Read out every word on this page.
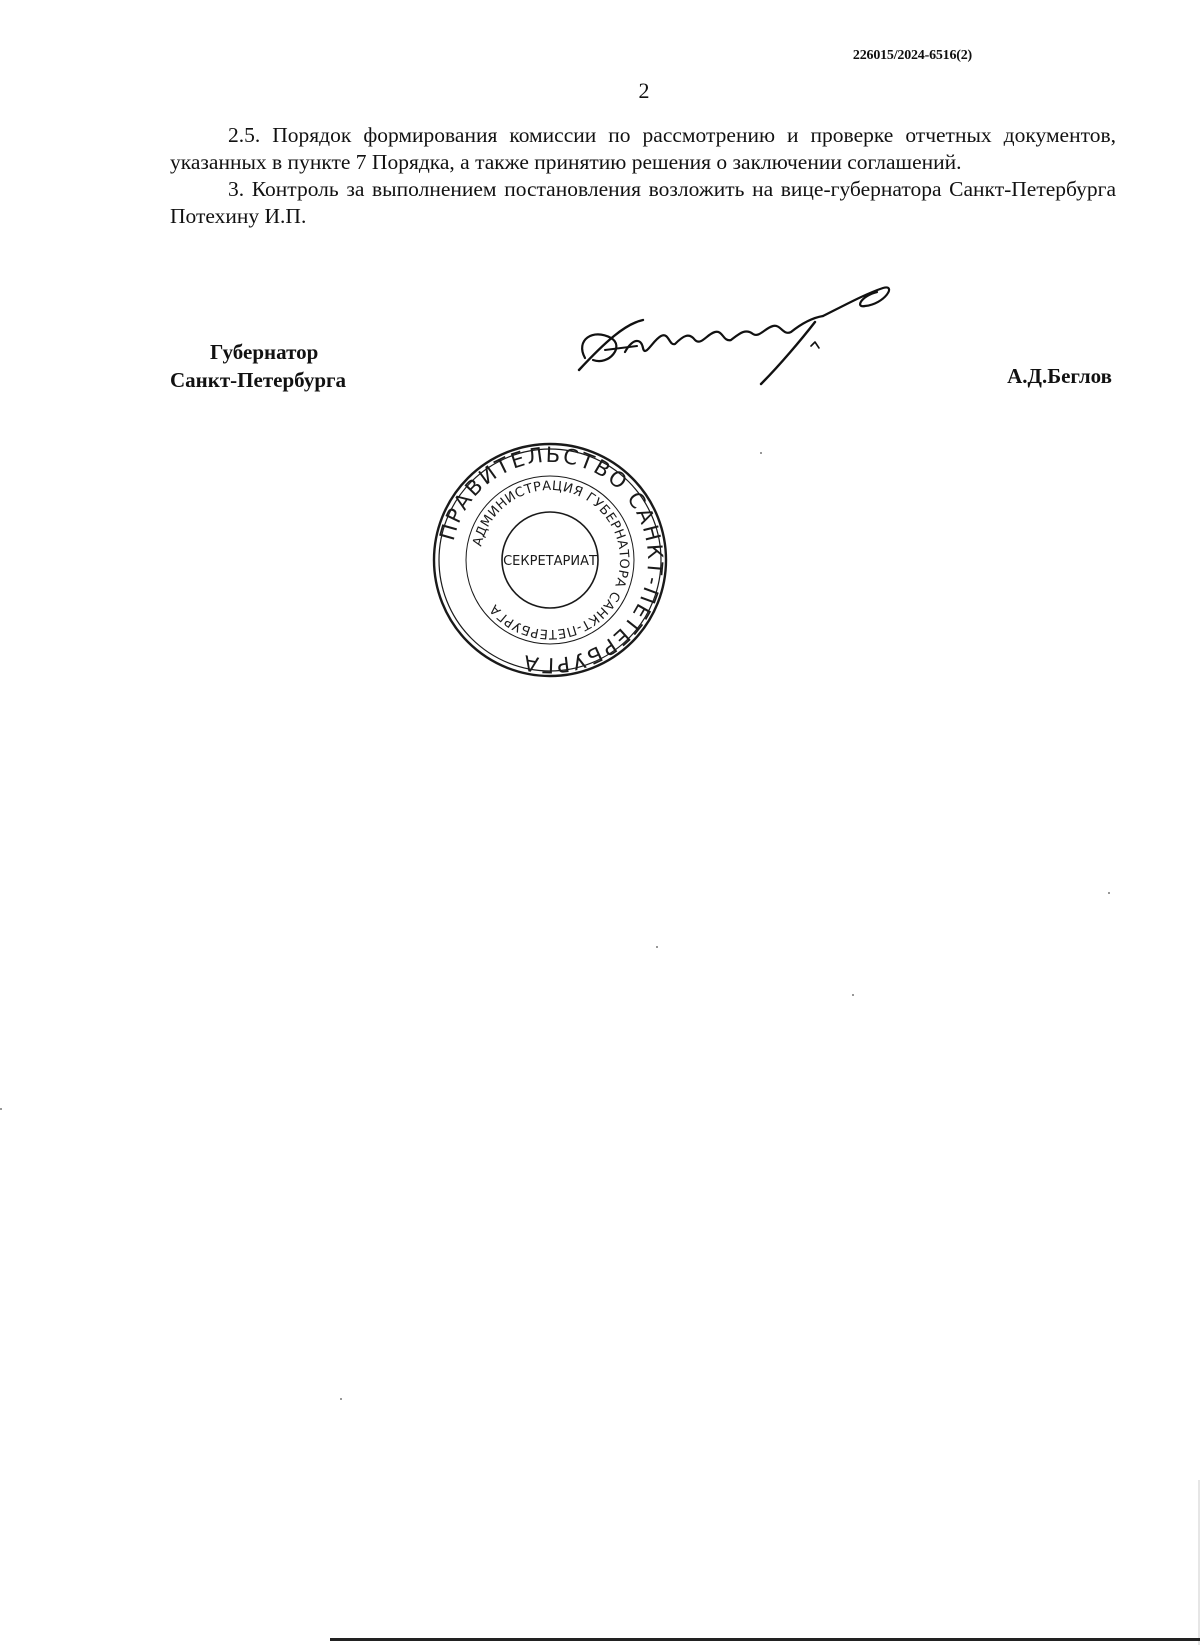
226015/2024-6516(2)
2

2.5. Порядок формирования комиссии по рассмотрению и проверке отчетных документов, указанных в пункте 7 Порядка, а также принятию решения о заключении соглашений.

3. Контроль за выполнением постановления возложить на вице-губернатора Санкт-Петербурга Потехину И.П.

Губернатор
Санкт-Петербурга	А.Д.Беглов
ПРАВИТЕЛЬСТВО САНКТ-ПЕТЕРБУРГА
АДМИНИСТРАЦИЯ ГУБЕРНАТОРА САНКТ-ПЕТЕРБУРГА
СЕКРЕТАРИАТ
